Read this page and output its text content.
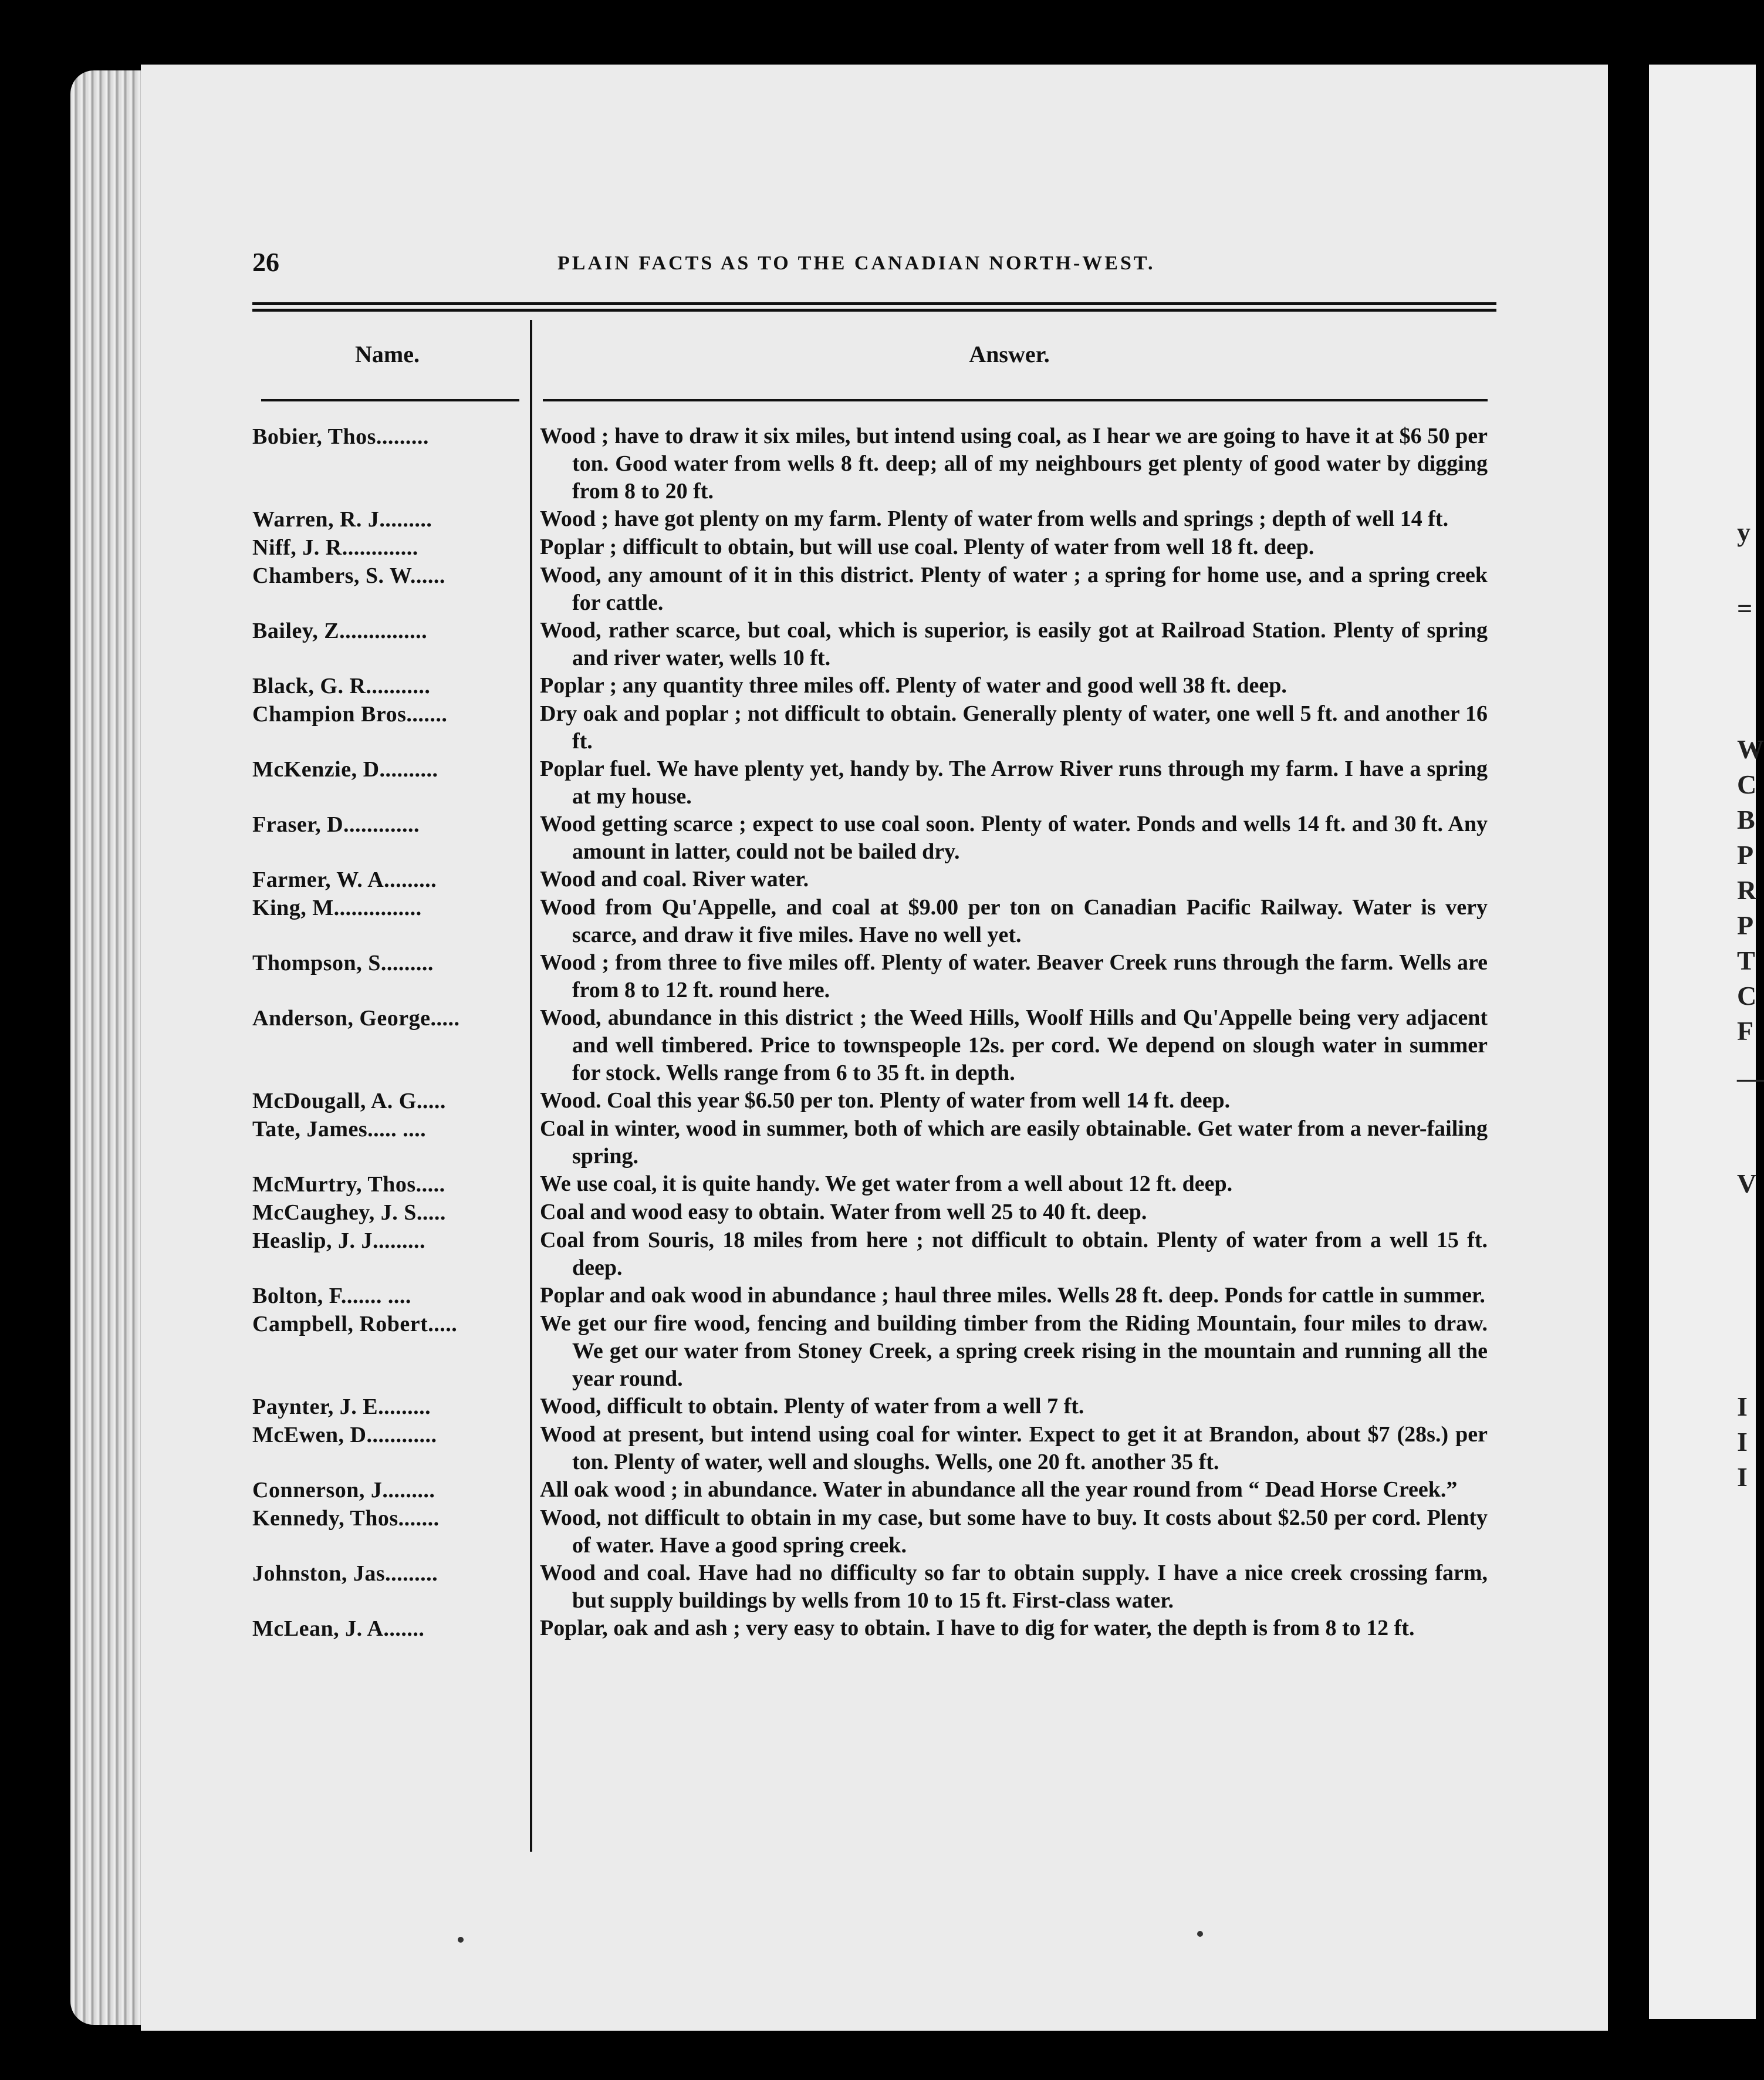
y
=
W
C
B
P
R
P
T
C
F
—
V
I
I
I
26	PLAIN FACTS AS TO THE CANADIAN NORTH-WEST.
Name.	Answer.
Bobier, Thos.........	Wood ; have to draw it six miles, but intend using coal, as I hear we are going to have it at $6 50 per ton. Good water from wells 8 ft. deep; all of my neighbours get plenty of good water by digging from 8 to 20 ft.
Warren, R. J.........	Wood ; have got plenty on my farm. Plenty of water from wells and springs ; depth of well 14 ft.
Niff, J. R.............	Poplar ; difficult to obtain, but will use coal. Plenty of water from well 18 ft. deep.
Chambers, S. W......	Wood, any amount of it in this district. Plenty of water ; a spring for home use, and a spring creek for cattle.
Bailey, Z...............	Wood, rather scarce, but coal, which is superior, is easily got at Railroad Station. Plenty of spring and river water, wells 10 ft.
Black, G. R...........	Poplar ; any quantity three miles off. Plenty of water and good well 38 ft. deep.
Champion Bros.......	Dry oak and poplar ; not difficult to obtain. Generally plenty of water, one well 5 ft. and another 16 ft.
McKenzie, D..........	Poplar fuel. We have plenty yet, handy by. The Arrow River runs through my farm. I have a spring at my house.
Fraser, D.............	Wood getting scarce ; expect to use coal soon. Plenty of water. Ponds and wells 14 ft. and 30 ft. Any amount in latter, could not be bailed dry.
Farmer, W. A.........	Wood and coal. River water.
King, M...............	Wood from Qu'Appelle, and coal at $9.00 per ton on Canadian Pacific Railway. Water is very scarce, and draw it five miles. Have no well yet.
Thompson, S.........	Wood ; from three to five miles off. Plenty of water. Beaver Creek runs through the farm. Wells are from 8 to 12 ft. round here.
Anderson, George.....	Wood, abundance in this district ; the Weed Hills, Woolf Hills and Qu'Appelle being very adjacent and well timbered. Price to townspeople 12s. per cord. We depend on slough water in summer for stock. Wells range from 6 to 35 ft. in depth.
McDougall, A. G.....	Wood. Coal this year $6.50 per ton. Plenty of water from well 14 ft. deep.
Tate, James..... ....	Coal in winter, wood in summer, both of which are easily obtainable. Get water from a never-failing spring.
McMurtry, Thos.....	We use coal, it is quite handy. We get water from a well about 12 ft. deep.
McCaughey, J. S.....	Coal and wood easy to obtain. Water from well 25 to 40 ft. deep.
Heaslip, J. J.........	Coal from Souris, 18 miles from here ; not difficult to obtain. Plenty of water from a well 15 ft. deep.
Bolton, F....... ....	Poplar and oak wood in abundance ; haul three miles. Wells 28 ft. deep. Ponds for cattle in summer.
Campbell, Robert.....	We get our fire wood, fencing and building timber from the Riding Mountain, four miles to draw. We get our water from Stoney Creek, a spring creek rising in the mountain and running all the year round.
Paynter, J. E.........	Wood, difficult to obtain. Plenty of water from a well 7 ft.
McEwen, D............	Wood at present, but intend using coal for winter. Expect to get it at Brandon, about $7 (28s.) per ton. Plenty of water, well and sloughs. Wells, one 20 ft. another 35 ft.
Connerson, J.........	All oak wood ; in abundance. Water in abundance all the year round from “ Dead Horse Creek.”
Kennedy, Thos.......	Wood, not difficult to obtain in my case, but some have to buy. It costs about $2.50 per cord. Plenty of water. Have a good spring creek.
Johnston, Jas.........	Wood and coal. Have had no difficulty so far to obtain supply. I have a nice creek crossing farm, but supply buildings by wells from 10 to 15 ft. First-class water.
McLean, J. A.......	Poplar, oak and ash ; very easy to obtain. I have to dig for water, the depth is from 8 to 12 ft.
